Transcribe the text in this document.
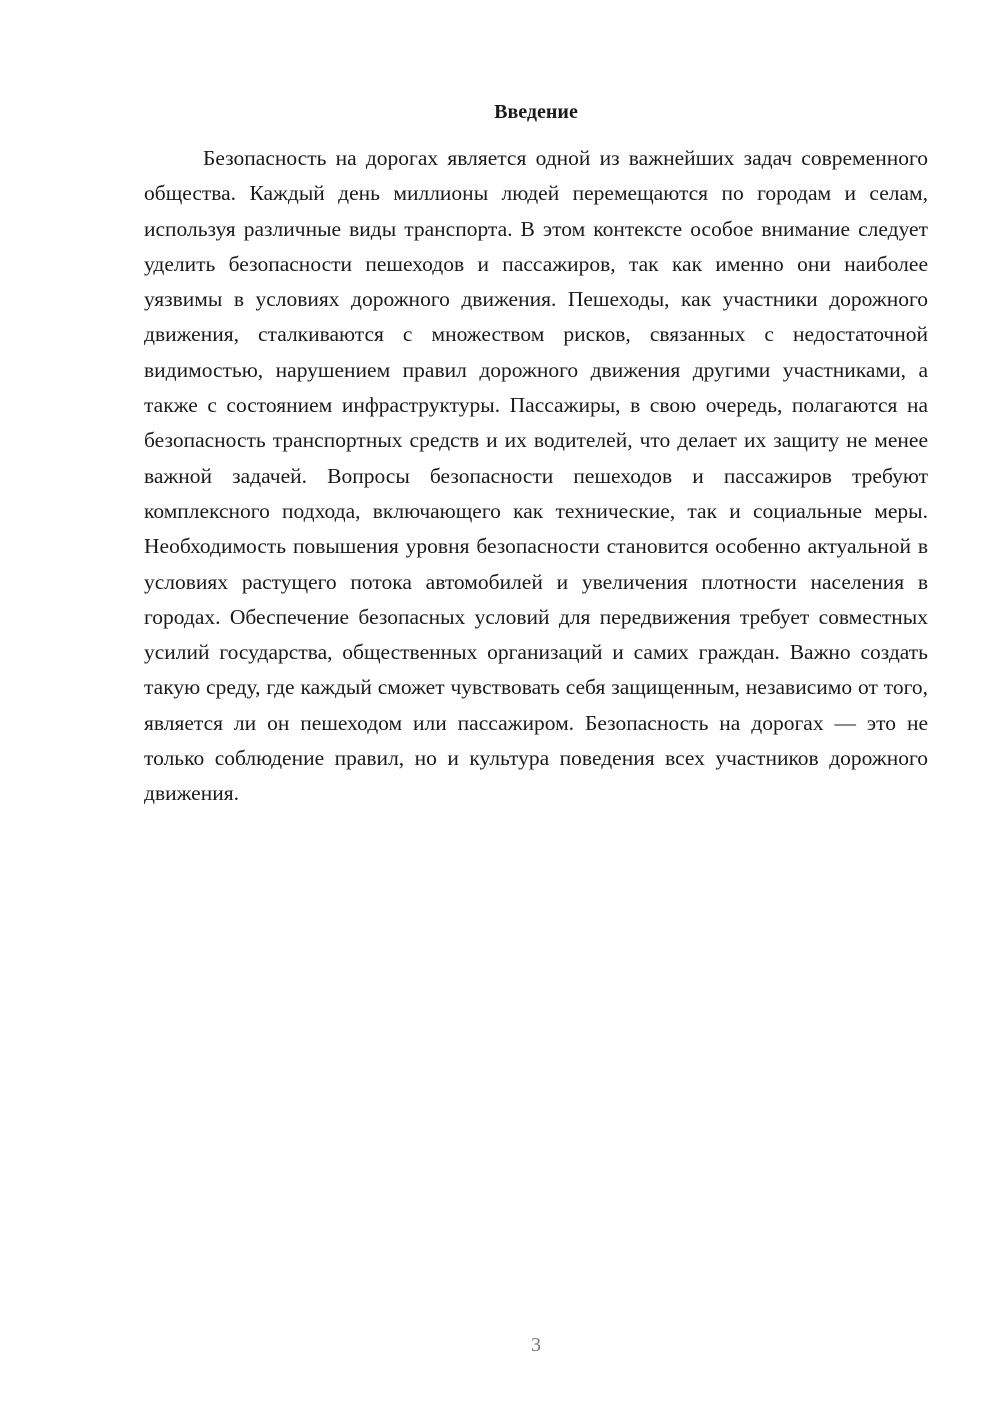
Введение

Безопасность на дорогах является одной из важнейших задач современного общества. Каждый день миллионы людей перемещаются по городам и селам, используя различные виды транспорта. В этом контексте особое внимание следует уделить безопасности пешеходов и пассажиров, так как именно они наиболее уязвимы в условиях дорожного движения. Пешеходы, как участники дорожного движения, сталкиваются с множеством рисков, связанных с недостаточной видимостью, нарушением правил дорожного движения другими участниками, а также с состоянием инфраструктуры. Пассажиры, в свою очередь, полагаются на безопасность транспортных средств и их водителей, что делает их защиту не менее важной задачей. Вопросы безопасности пешеходов и пассажиров требуют комплексного подхода, включающего как технические, так и социальные меры. Необходимость повышения уровня безопасности становится особенно актуальной в условиях растущего потока автомобилей и увеличения плотности населения в городах. Обеспечение безопасных условий для передвижения требует совместных усилий государства, общественных организаций и самих граждан. Важно создать такую среду, где каждый сможет чувствовать себя защищенным, независимо от того, является ли он пешеходом или пассажиром. Безопасность на дорогах — это не только соблюдение правил, но и культура поведения всех участников дорожного движения.

3
